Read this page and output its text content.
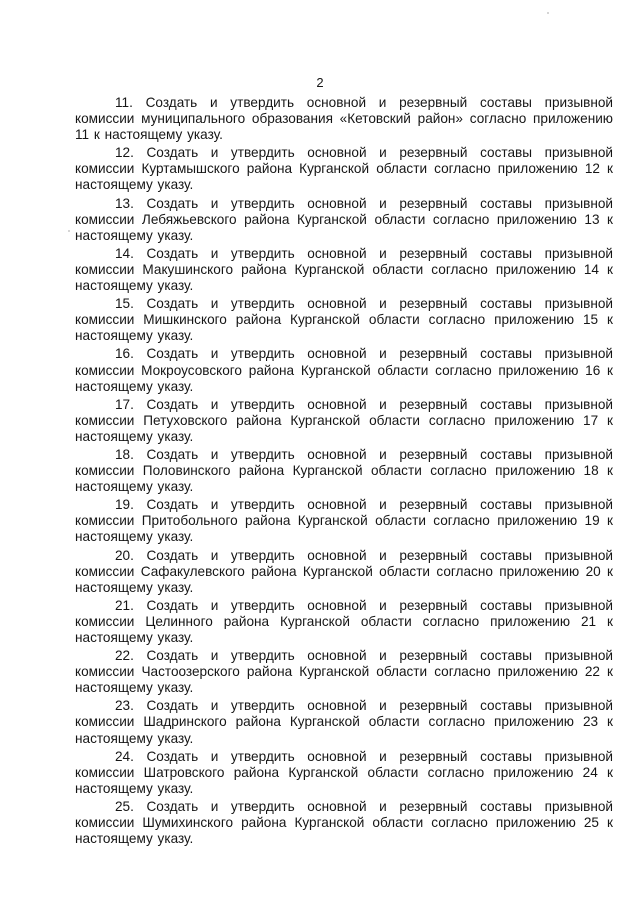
2

11. Создать и утвердить основной и резервный составы призывной комиссии муниципального образования «Кетовский район» согласно приложению 11 к настоящему указу.

12. Создать и утвердить основной и резервный составы призывной комиссии Куртамышского района Курганской области согласно приложению 12 к настоящему указу.

13. Создать и утвердить основной и резервный составы призывной комиссии Лебяжьевского района Курганской области согласно приложению 13 к настоящему указу.

14. Создать и утвердить основной и резервный составы призывной комиссии Макушинского района Курганской области согласно приложению 14 к настоящему указу.

15. Создать и утвердить основной и резервный составы призывной комиссии Мишкинского района Курганской области согласно приложению 15 к настоящему указу.

16. Создать и утвердить основной и резервный составы призывной комиссии Мокроусовского района Курганской области согласно приложению 16 к настоящему указу.

17. Создать и утвердить основной и резервный составы призывной комиссии Петуховского района Курганской области согласно приложению 17 к настоящему указу.

18. Создать и утвердить основной и резервный составы призывной комиссии Половинского района Курганской области согласно приложению 18 к настоящему указу.

19. Создать и утвердить основной и резервный составы призывной комиссии Притобольного района Курганской области согласно приложению 19 к настоящему указу.

20. Создать и утвердить основной и резервный составы призывной комиссии Сафакулевского района Курганской области согласно приложению 20 к настоящему указу.

21. Создать и утвердить основной и резервный составы призывной комиссии Целинного района Курганской области согласно приложению 21 к настоящему указу.

22. Создать и утвердить основной и резервный составы призывной комиссии Частоозерского района Курганской области согласно приложению 22 к настоящему указу.

23. Создать и утвердить основной и резервный составы призывной комиссии Шадринского района Курганской области согласно приложению 23 к настоящему указу.

24. Создать и утвердить основной и резервный составы призывной комиссии Шатровского района Курганской области согласно приложению 24 к настоящему указу.

25. Создать и утвердить основной и резервный составы призывной комиссии Шумихинского района Курганской области согласно приложению 25 к настоящему указу.
